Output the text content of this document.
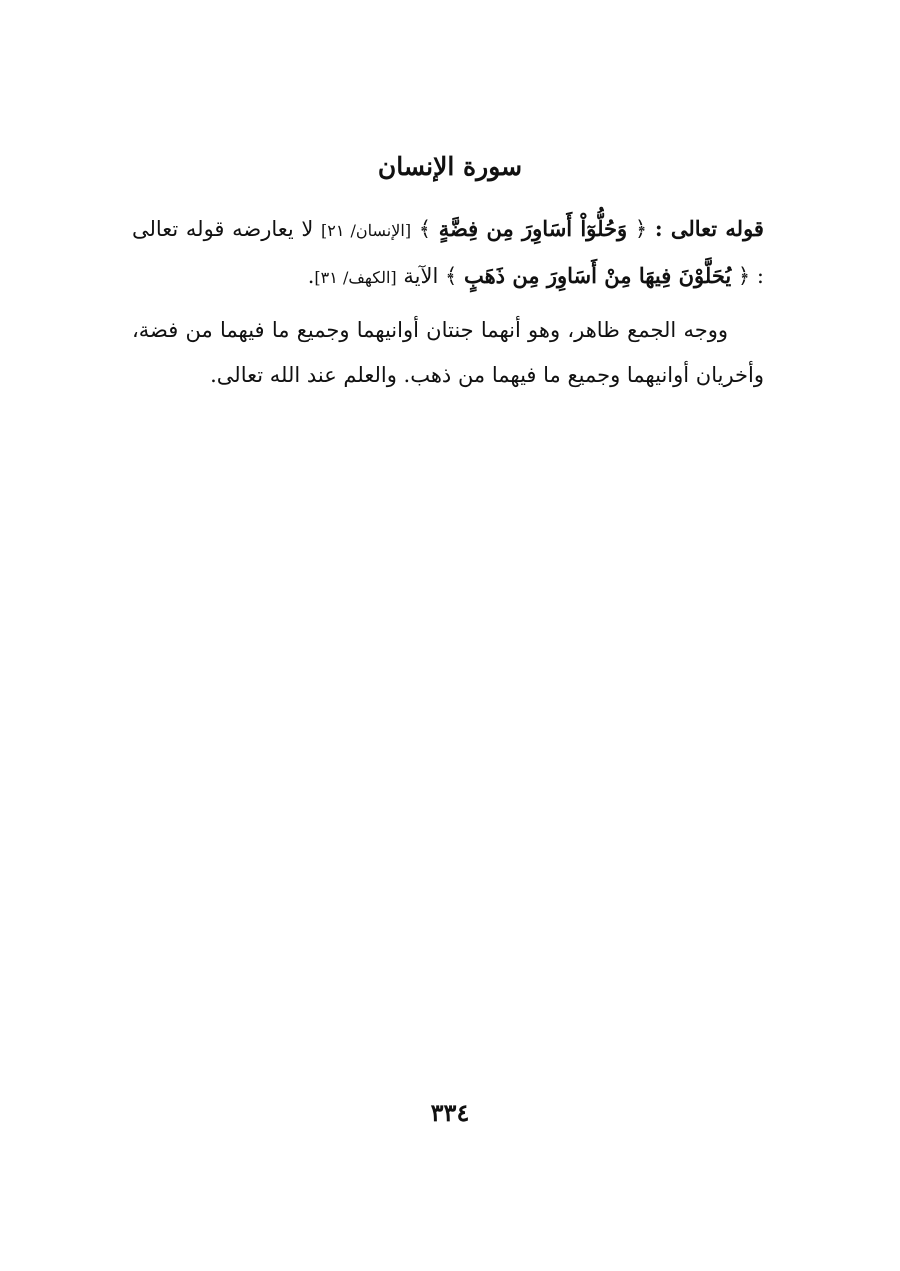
سورة الإنسان
قوله تعالى : ﴿ وَحُلُّوٓاْ أَسَاوِرَ مِن فِضَّةٍ ﴾ [الإنسان/ ٢١] لا يعارضه قوله تعالى : ﴿ يُحَلَّوْنَ فِيهَا مِنْ أَسَاوِرَ مِن ذَهَبٍ ﴾ الآية [الكهف/ ٣١].
ووجه الجمع ظاهر، وهو أنهما جنتان أوانيهما وجميع ما فيهما من فضة، وأخريان أوانيهما وجميع ما فيهما من ذهب. والعلم عند الله تعالى.
٣٣٤
